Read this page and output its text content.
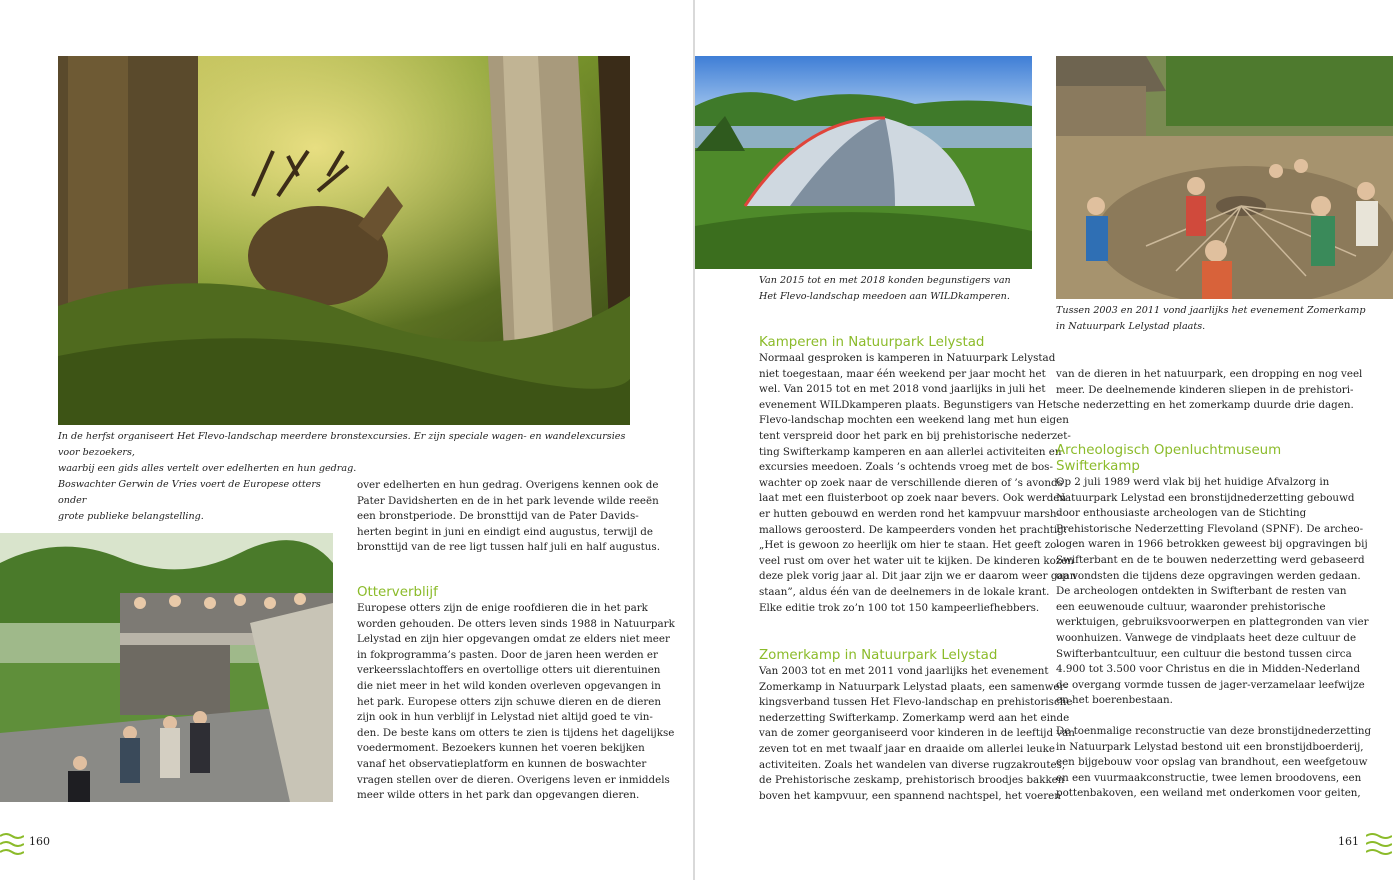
In de herfst organiseert Het Flevo-landschap meerdere bronstexcursies. Er zijn speciale wagen- en wandelexcursies voor bezoekers,
waarbij een gids alles vertelt over edelherten en hun gedrag.
Boswachter Gerwin de Vries voert de Europese otters onder
grote publieke belangstelling.
over edelherten en hun gedrag. Overigens kennen ook de
Pater Davidsherten en de in het park levende wilde reeën
een bronstperiode. De bronsttijd van de Pater Davids-
herten begint in juni en eindigt eind augustus, terwijl de
bronsttijd van de ree ligt tussen half juli en half augustus.
Otterverblijf
Europese otters zijn de enige roofdieren die in het park
worden gehouden. De otters leven sinds 1988 in Natuurpark
Lelystad en zijn hier opgevangen omdat ze elders niet meer
in fokprogramma’s pasten. Door de jaren heen werden er
verkeersslachtoffers en overtollige otters uit dierentuinen
die niet meer in het wild konden overleven opgevangen in
het park. Europese otters zijn schuwe dieren en de dieren
zijn ook in hun verblijf in Lelystad niet altijd goed te vin-
den. De beste kans om otters te zien is tijdens het dagelijkse
voedermoment. Bezoekers kunnen het voeren bekijken
vanaf het observatieplatform en kunnen de boswachter
vragen stellen over de dieren. Overigens leven er inmiddels
meer wilde otters in het park dan opgevangen dieren.
160
Van 2015 tot en met 2018 konden begunstigers van
Het Flevo-landschap meedoen aan WILDkamperen.
Tussen 2003 en 2011 vond jaarlijks het evenement Zomerkamp
in Natuurpark Lelystad plaats.
Kamperen in Natuurpark Lelystad
Normaal gesproken is kamperen in Natuurpark Lelystad
niet toegestaan, maar één weekend per jaar mocht het
wel. Van 2015 tot en met 2018 vond jaarlijks in juli het
evenement WILDkamperen plaats. Begunstigers van Het
Flevo-landschap mochten een weekend lang met hun eigen
tent verspreid door het park en bij prehistorische nederzet-
ting Swifterkamp kamperen en aan allerlei activiteiten en
excursies meedoen. Zoals ’s ochtends vroeg met de bos-
wachter op zoek naar de verschillende dieren of ’s avonds
laat met een fluisterboot op zoek naar bevers. Ook werden
er hutten gebouwd en werden rond het kampvuur marsh-
mallows geroosterd. De kampeerders vonden het prachtig:
„Het is gewoon zo heerlijk om hier te staan. Het geeft zo-
veel rust om over het water uit te kijken. De kinderen kozen
deze plek vorig jaar al. Dit jaar zijn we er daarom weer gaan
staan”, aldus één van de deelnemers in de lokale krant.
Elke editie trok zo’n 100 tot 150 kampeerliefhebbers.
Zomerkamp in Natuurpark Lelystad
Van 2003 tot en met 2011 vond jaarlijks het evenement
Zomerkamp in Natuurpark Lelystad plaats, een samenwer-
kingsverband tussen Het Flevo-landschap en prehistorische
nederzetting Swifterkamp. Zomerkamp werd aan het einde
van de zomer georganiseerd voor kinderen in de leeftijd van
zeven tot en met twaalf jaar en draaide om allerlei leuke
activiteiten. Zoals het wandelen van diverse rugzakroutes,
de Prehistorische zeskamp, prehistorisch broodjes bakken
boven het kampvuur, een spannend nachtspel, het voeren
van de dieren in het natuurpark, een dropping en nog veel
meer. De deelnemende kinderen sliepen in de prehistori-
sche nederzetting en het zomerkamp duurde drie dagen.
Archeologisch Openluchtmuseum
Swifterkamp
Op 2 juli 1989 werd vlak bij het huidige Afvalzorg in
Natuurpark Lelystad een bronstijdnederzetting gebouwd
door enthousiaste archeologen van de Stichting
Prehistorische Nederzetting Flevoland (SPNF). De archeo-
logen waren in 1966 betrokken geweest bij opgravingen bij
Swifterbant en de te bouwen nederzetting werd gebaseerd
op vondsten die tijdens deze opgravingen werden gedaan.
De archeologen ontdekten in Swifterbant de resten van
een eeuwenoude cultuur, waaronder prehistorische
werktuigen, gebruiksvoorwerpen en plattegronden van vier
woonhuizen. Vanwege de vindplaats heet deze cultuur de
Swifterbantcultuur, een cultuur die bestond tussen circa
4.900 tot 3.500 voor Christus en die in Midden-Nederland
de overgang vormde tussen de jager-verzamelaar leefwijze
en het boerenbestaan.
De toenmalige reconstructie van deze bronstijdnederzetting
in Natuurpark Lelystad bestond uit een bronstijdboerderij,
een bijgebouw voor opslag van brandhout, een weefgetouw
en een vuurmaakconstructie, twee lemen broodovens, een
pottenbakoven, een weiland met onderkomen voor geiten,
161
